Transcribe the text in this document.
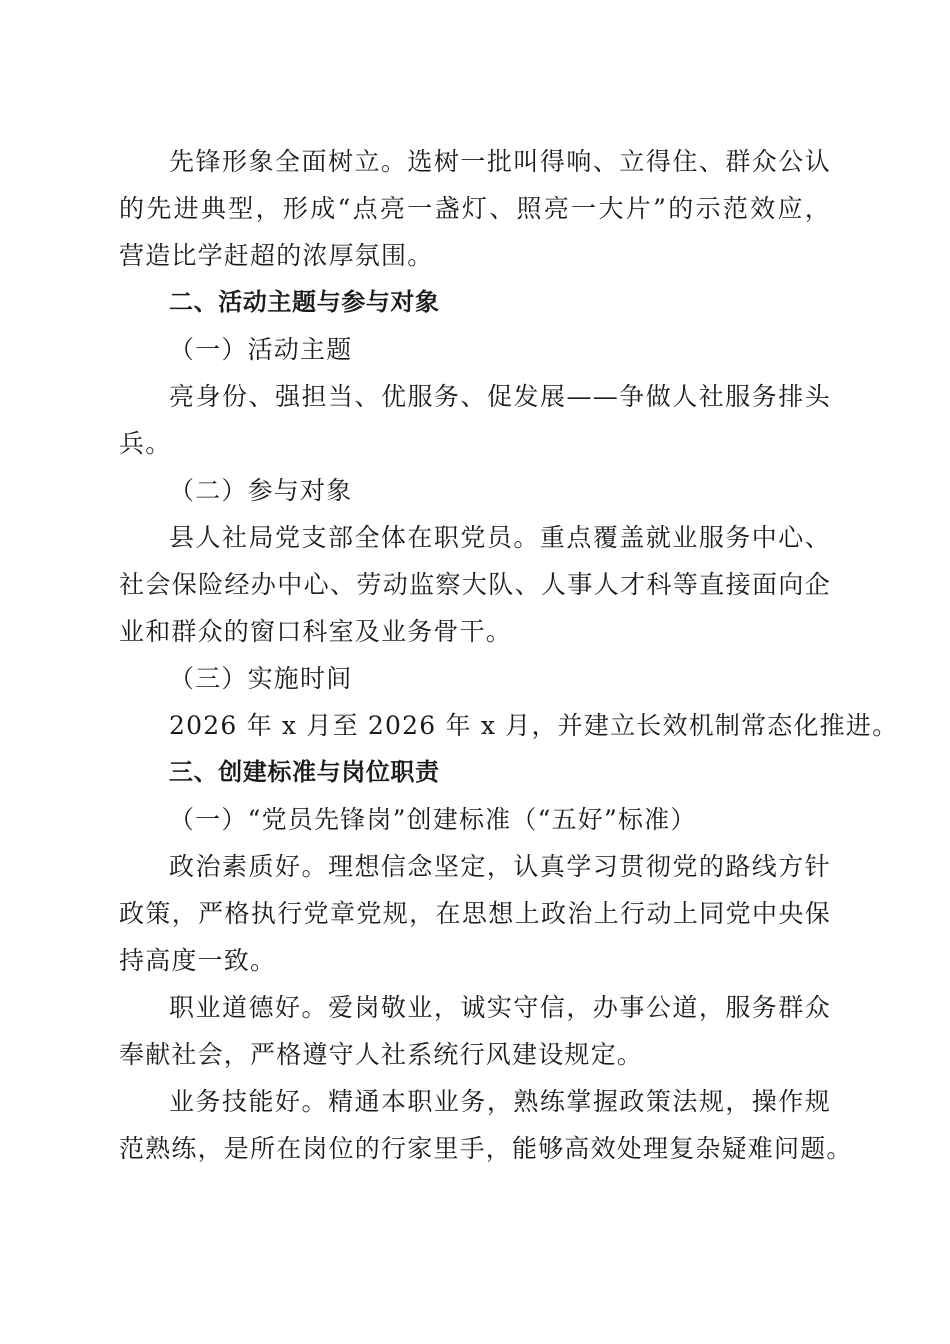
先锋形象全面树立。选树一批叫得响、立得住、群众公认
的先进典型，形成“点亮一盏灯、照亮一大片”的示范效应，
营造比学赶超的浓厚氛围。
二、活动主题与参与对象
（一）活动主题
亮身份、强担当、优服务、促发展——争做人社服务排头
兵。
（二）参与对象
县人社局党支部全体在职党员。重点覆盖就业服务中心、
社会保险经办中心、劳动监察大队、人事人才科等直接面向企
业和群众的窗口科室及业务骨干。
（三）实施时间
2026 年 x 月至 2026 年 x 月，并建立长效机制常态化推进。
三、创建标准与岗位职责
（一）“党员先锋岗”创建标准（“五好”标准）
政治素质好。理想信念坚定，认真学习贯彻党的路线方针
政策，严格执行党章党规，在思想上政治上行动上同党中央保
持高度一致。
职业道德好。爱岗敬业，诚实守信，办事公道，服务群众
奉献社会，严格遵守人社系统行风建设规定。
业务技能好。精通本职业务，熟练掌握政策法规，操作规
范熟练，是所在岗位的行家里手，能够高效处理复杂疑难问题。
